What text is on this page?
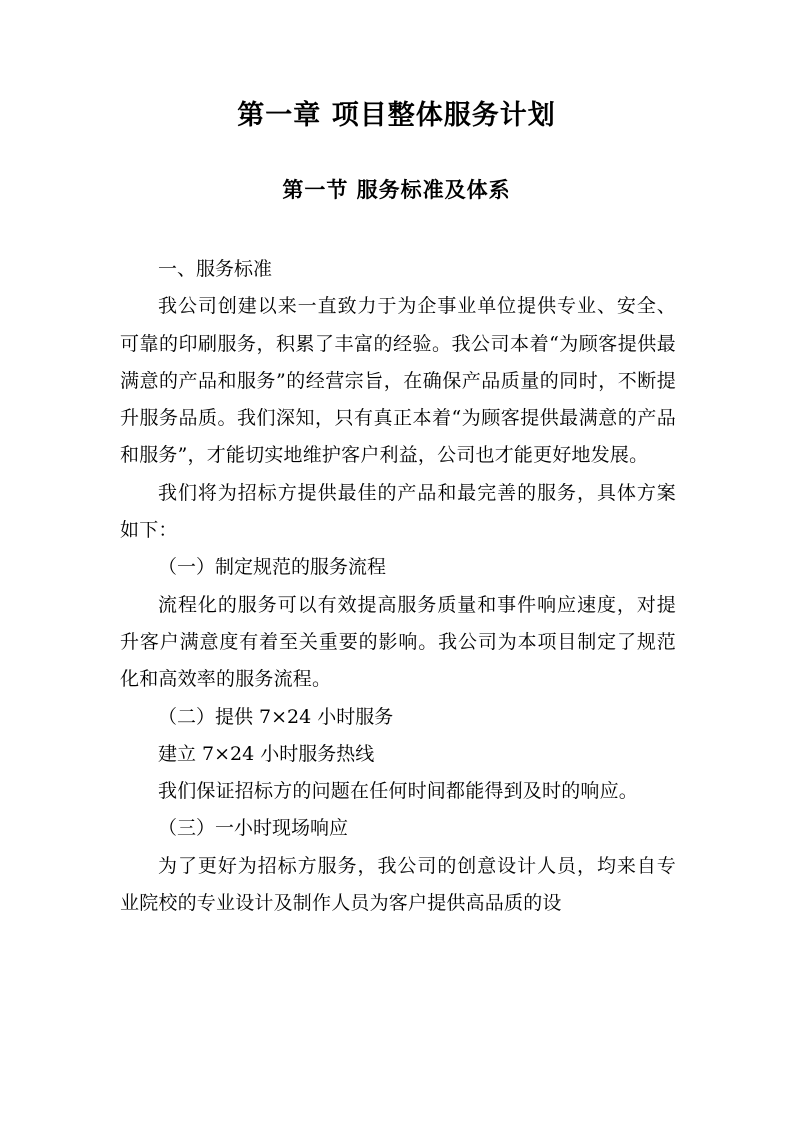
第一章 项目整体服务计划
第一节 服务标准及体系

一、服务标准

我公司创建以来一直致力于为企事业单位提供专业、安全、可靠的印刷服务，积累了丰富的经验。我公司本着“为顾客提供最满意的产品和服务”的经营宗旨，在确保产品质量的同时，不断提升服务品质。我们深知，只有真正本着“为顾客提供最满意的产品和服务”，才能切实地维护客户利益，公司也才能更好地发展。

我们将为招标方提供最佳的产品和最完善的服务，具体方案如下：

（一）制定规范的服务流程

流程化的服务可以有效提高服务质量和事件响应速度，对提升客户满意度有着至关重要的影响。我公司为本项目制定了规范化和高效率的服务流程。

（二）提供 7×24 小时服务

建立 7×24 小时服务热线

我们保证招标方的问题在任何时间都能得到及时的响应。

（三）一小时现场响应

为了更好为招标方服务，我公司的创意设计人员，均来自专业院校的专业设计及制作人员为客户提供高品质的设
